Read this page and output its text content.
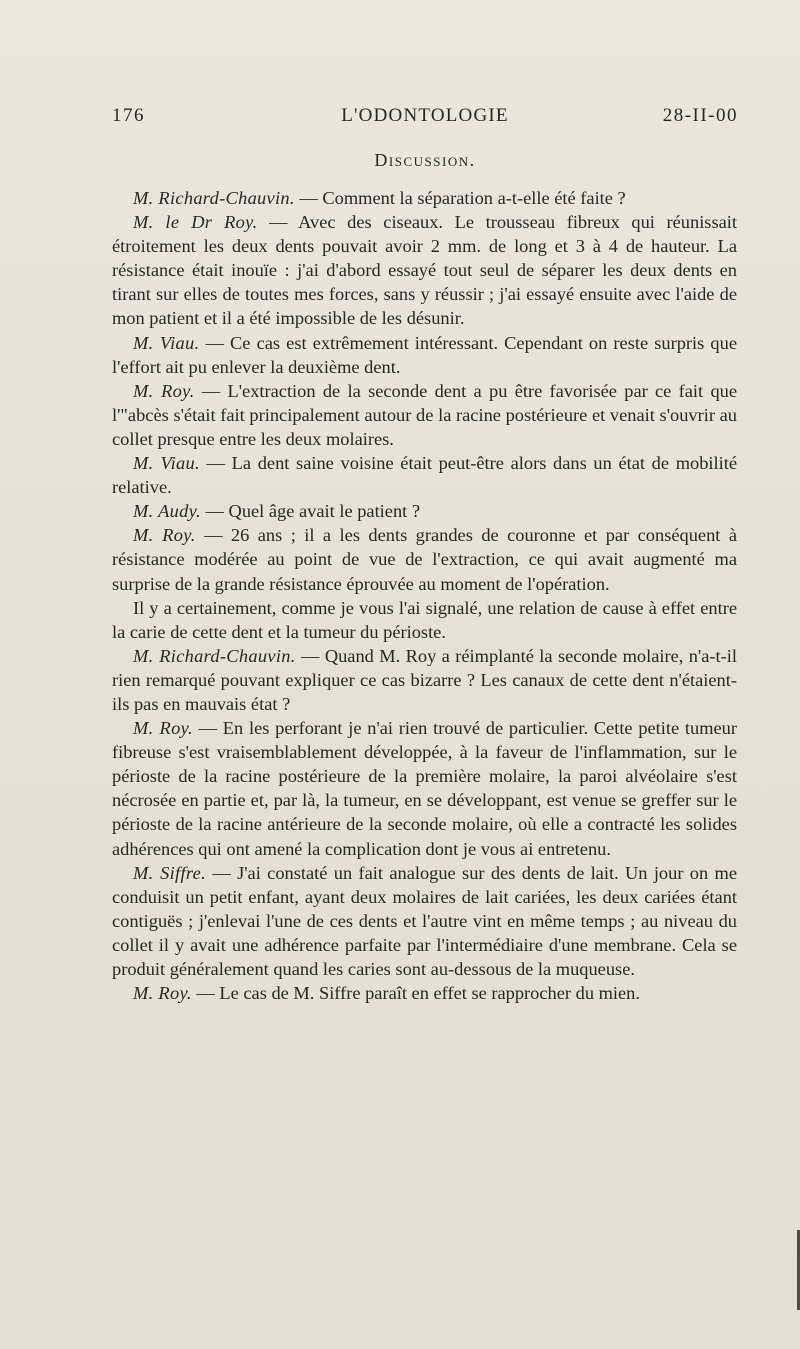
L'ODONTOLOGIE
176	28-II-00
Discussion.

M. Richard-Chauvin. — Comment la séparation a-t-elle été faite ?

M. le Dr Roy. — Avec des ciseaux. Le trousseau fibreux qui réunissait étroitement les deux dents pouvait avoir 2 mm. de long et 3 à 4 de hauteur. La résistance était inouïe : j'ai d'abord essayé tout seul de séparer les deux dents en tirant sur elles de toutes mes forces, sans y réussir ; j'ai essayé ensuite avec l'aide de mon patient et il a été impossible de les désunir.

M. Viau. — Ce cas est extrêmement intéressant. Cependant on reste surpris que l'effort ait pu enlever la deuxième dent.

M. Roy. — L'extraction de la seconde dent a pu être favorisée par ce fait que l'"abcès s'était fait principalement autour de la racine postérieure et venait s'ouvrir au collet presque entre les deux molaires.

M. Viau. — La dent saine voisine était peut-être alors dans un état de mobilité relative.

M. Audy. — Quel âge avait le patient ?

M. Roy. — 26 ans ; il a les dents grandes de couronne et par conséquent à résistance modérée au point de vue de l'extraction, ce qui avait augmenté ma surprise de la grande résistance éprouvée au moment de l'opération.

Il y a certainement, comme je vous l'ai signalé, une relation de cause à effet entre la carie de cette dent et la tumeur du périoste.

M. Richard-Chauvin. — Quand M. Roy a réimplanté la seconde molaire, n'a-t-il rien remarqué pouvant expliquer ce cas bizarre ? Les canaux de cette dent n'étaient-ils pas en mauvais état ?

M. Roy. — En les perforant je n'ai rien trouvé de particulier. Cette petite tumeur fibreuse s'est vraisemblablement développée, à la faveur de l'inflammation, sur le périoste de la racine postérieure de la première molaire, la paroi alvéolaire s'est nécrosée en partie et, par là, la tumeur, en se développant, est venue se greffer sur le périoste de la racine antérieure de la seconde molaire, où elle a contracté les solides adhérences qui ont amené la complication dont je vous ai entretenu.

M. Siffre. — J'ai constaté un fait analogue sur des dents de lait. Un jour on me conduisit un petit enfant, ayant deux molaires de lait cariées, les deux cariées étant contiguës ; j'enlevai l'une de ces dents et l'autre vint en même temps ; au niveau du collet il y avait une adhérence parfaite par l'intermédiaire d'une membrane. Cela se produit généralement quand les caries sont au-dessous de la muqueuse.

M. Roy. — Le cas de M. Siffre paraît en effet se rapprocher du mien.
